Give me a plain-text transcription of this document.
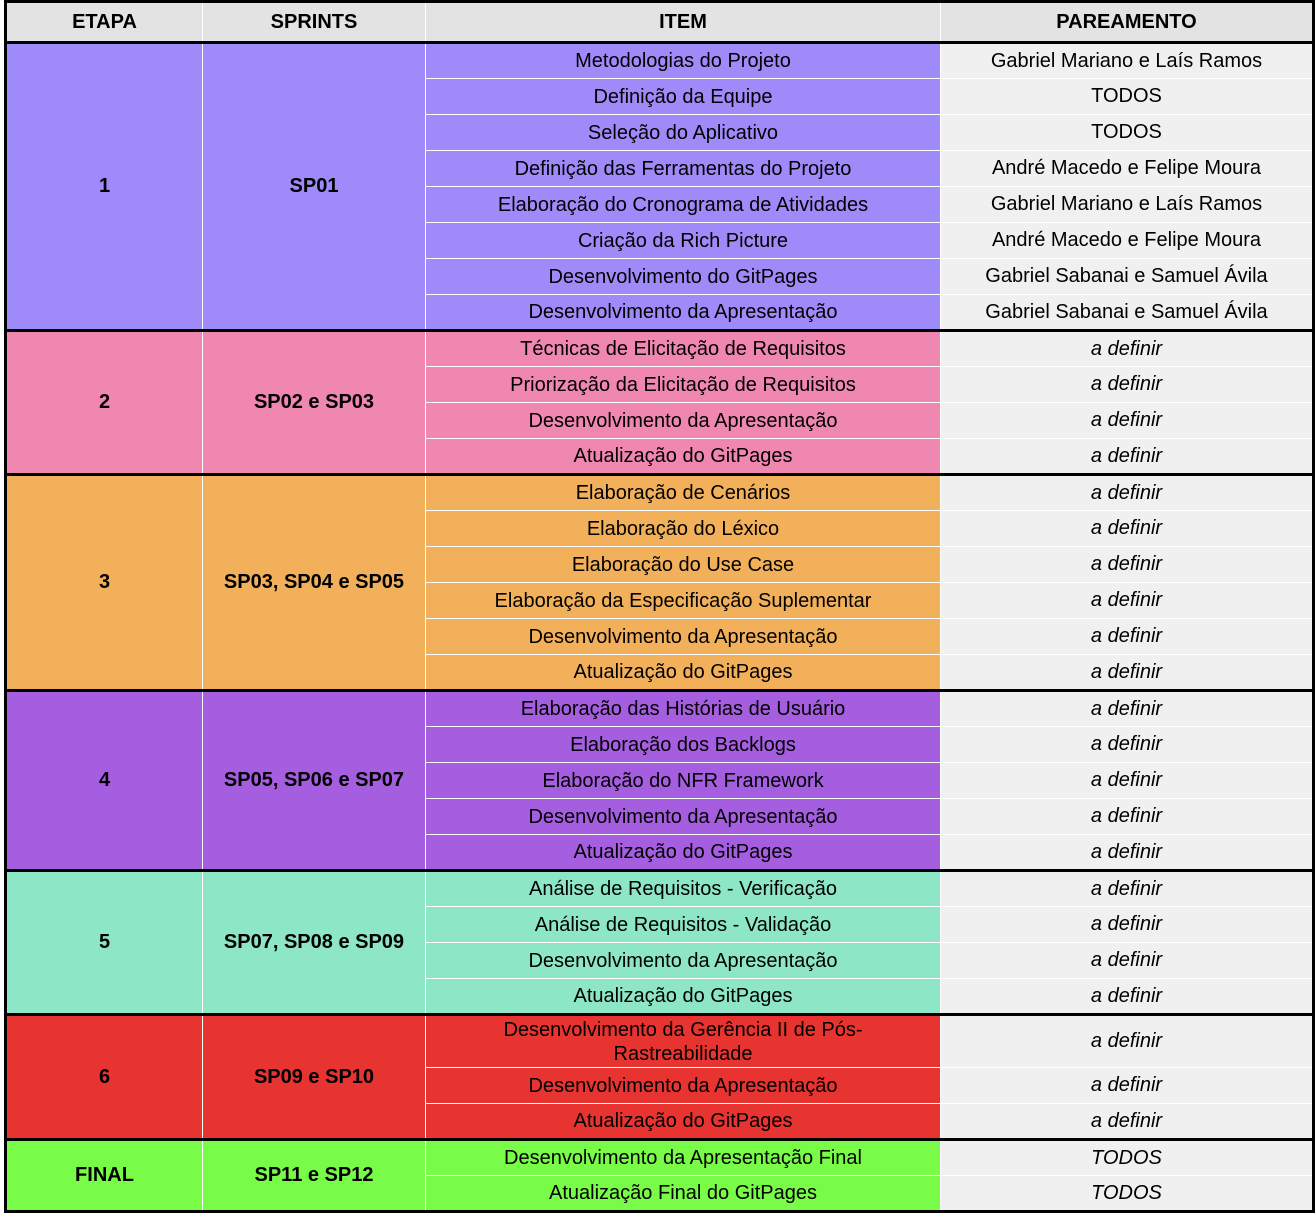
ETAPA	SPRINTS	ITEM	PAREAMENTO
1	SP01	Metodologias do Projeto	Gabriel Mariano e Laís Ramos
		Definição da Equipe	TODOS
		Seleção do Aplicativo	TODOS
		Definição das Ferramentas do Projeto	André Macedo e Felipe Moura
		Elaboração do Cronograma de Atividades	Gabriel Mariano e Laís Ramos
		Criação da Rich Picture	André Macedo e Felipe Moura
		Desenvolvimento do GitPages	Gabriel Sabanai e Samuel Ávila
		Desenvolvimento da Apresentação	Gabriel Sabanai e Samuel Ávila
2	SP02 e SP03	Técnicas de Elicitação de Requisitos	a definir
		Priorização da Elicitação de Requisitos	a definir
		Desenvolvimento da Apresentação	a definir
		Atualização do GitPages	a definir
3	SP03, SP04 e SP05	Elaboração de Cenários	a definir
		Elaboração do Léxico	a definir
		Elaboração do Use Case	a definir
		Elaboração da Especificação Suplementar	a definir
		Desenvolvimento da Apresentação	a definir
		Atualização do GitPages	a definir
4	SP05, SP06 e SP07	Elaboração das Histórias de Usuário	a definir
		Elaboração dos Backlogs	a definir
		Elaboração do NFR Framework	a definir
		Desenvolvimento da Apresentação	a definir
		Atualização do GitPages	a definir
5	SP07, SP08 e SP09	Análise de Requisitos - Verificação	a definir
		Análise de Requisitos - Validação	a definir
		Desenvolvimento da Apresentação	a definir
		Atualização do GitPages	a definir
6	SP09 e SP10	Desenvolvimento da Gerência II de Pós-
Rastreabilidade	a definir
		Desenvolvimento da Apresentação	a definir
		Atualização do GitPages	a definir
FINAL	SP11 e SP12	Desenvolvimento da Apresentação Final	TODOS
		Atualização Final do GitPages	TODOS
